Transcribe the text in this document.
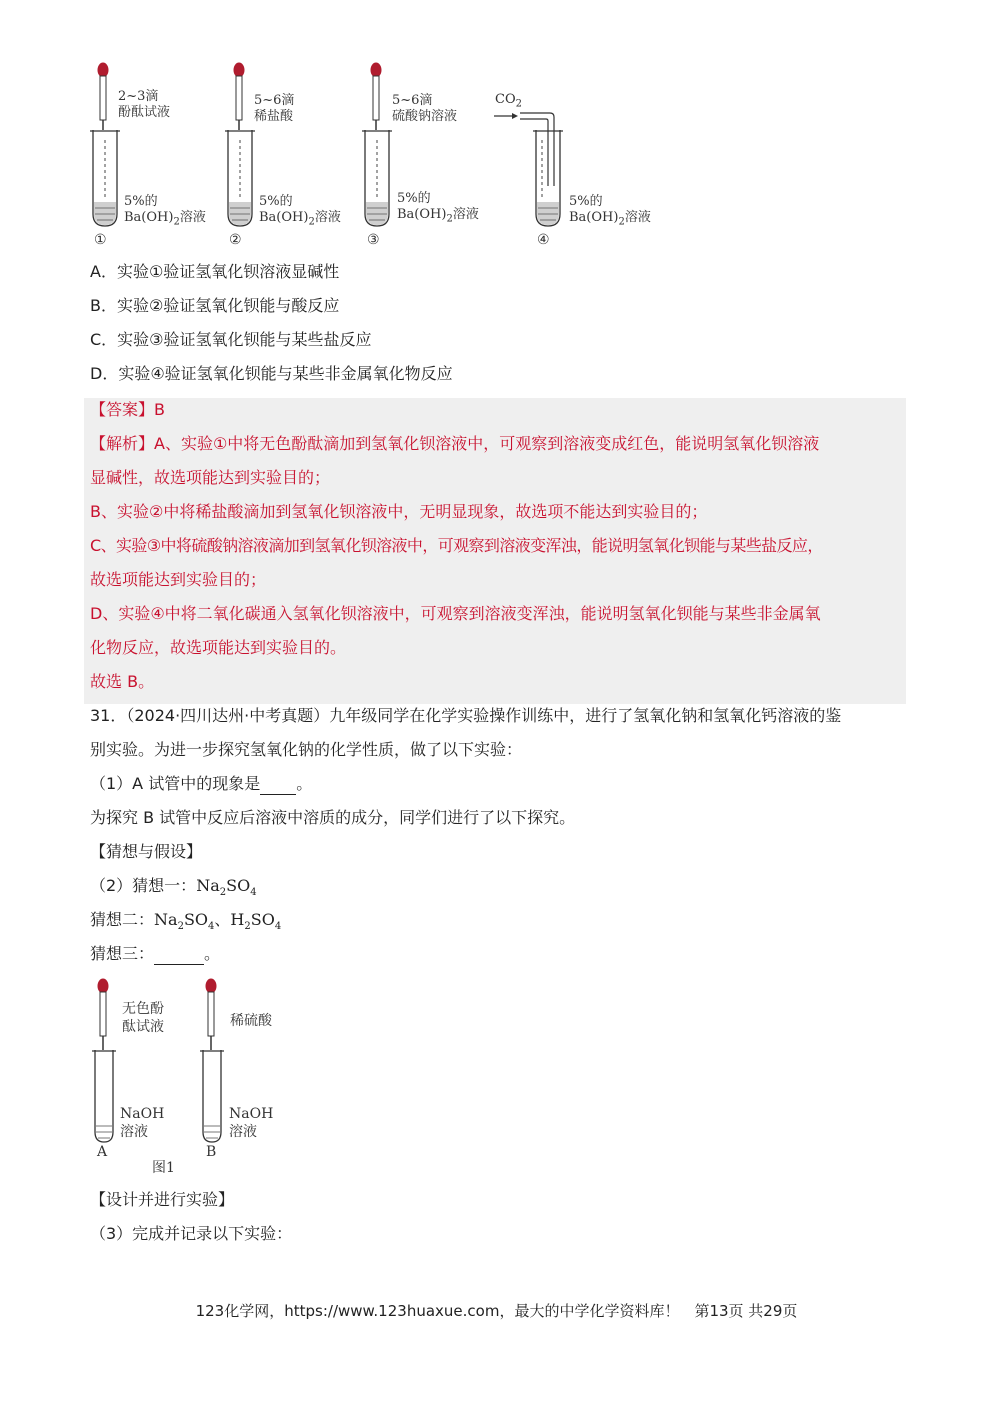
2~3滴
酚酞试液
5%的
$Ba(OH)_2$溶液
①
5~6滴
稀盐酸
5%的
$Ba(OH)_2$溶液
②
5~6滴
硫酸钠溶液
5%的
$Ba(OH)_2$溶液
③
$CO_2$
5%的
$Ba(OH)_2$溶液
④
A．实验①验证氢氧化钡溶液显碱性
B．实验②验证氢氧化钡能与酸反应
C．实验③验证氢氧化钡能与某些盐反应
D．实验④验证氢氧化钡能与某些非金属氧化物反应
【答案】B
【解析】A、实验①中将无色酚酞滴加到氢氧化钡溶液中，可观察到溶液变成红色，能说明氢氧化钡溶液
显碱性，故选项能达到实验目的；
B、实验②中将稀盐酸滴加到氢氧化钡溶液中，无明显现象，故选项不能达到实验目的；
C、实验③中将硫酸钠溶液滴加到氢氧化钡溶液中，可观察到溶液变浑浊，能说明氢氧化钡能与某些盐反应，
故选项能达到实验目的；
D、实验④中将二氧化碳通入氢氧化钡溶液中，可观察到溶液变浑浊，能说明氢氧化钡能与某些非金属氧
化物反应，故选项能达到实验目的。
故选 B。
31．（2024·四川达州·中考真题）九年级同学在化学实验操作训练中，进行了氢氧化钠和氢氧化钙溶液的鉴
别实验。为进一步探究氢氧化钠的化学性质，做了以下实验：
（1）A 试管中的现象是 。
为探究 B 试管中反应后溶液中溶质的成分，同学们进行了以下探究。
【猜想与假设】
（2）猜想一：$Na_2SO_4$
猜想二：$Na_2SO_4$、$H_2SO_4$
猜想三：	。
无色酚
酞试液
NaOH
溶液
A
稀硫酸
NaOH
溶液
B
图1
【设计并进行实验】
（3）完成并记录以下实验：
123化学网，https://www.123huaxue.com，最大的中学化学资料库！　第13页 共29页
